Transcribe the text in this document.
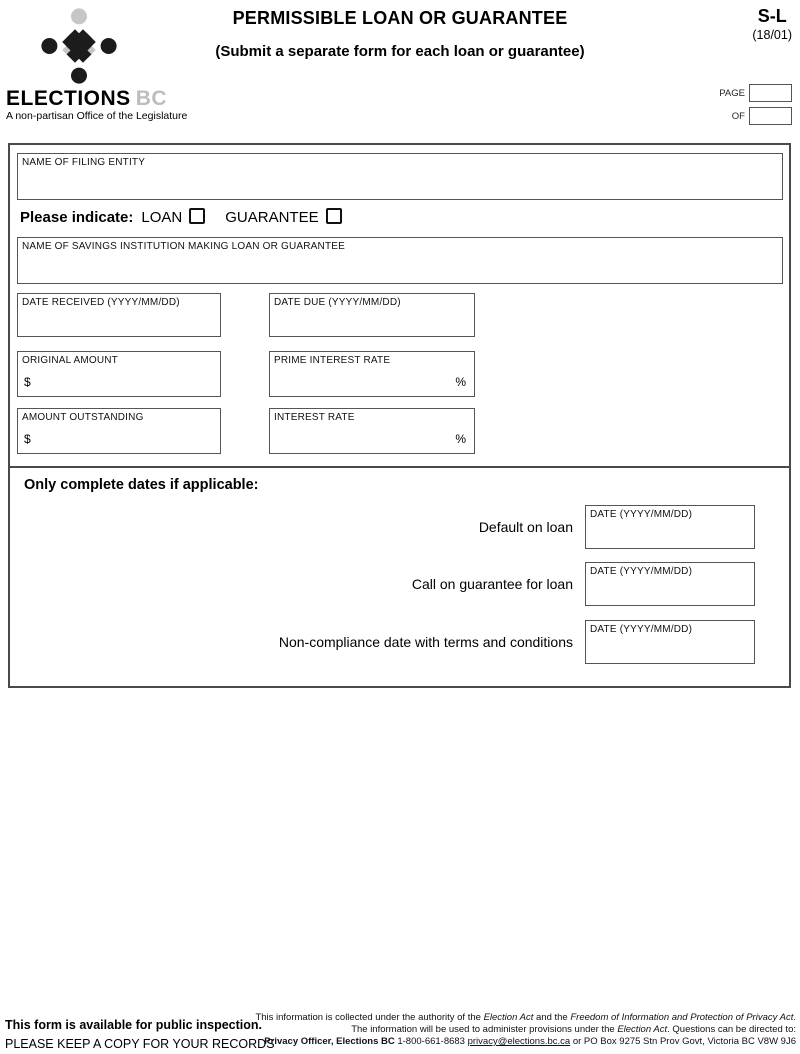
ELECTIONS BC
A non-partisan Office of the Legislature
PERMISSIBLE LOAN OR GUARANTEE
(Submit a separate form for each loan or guarantee)
S-L
(18/01)
PAGE
OF
NAME OF FILING ENTITY
Please indicate: LOAN	GUARANTEE
NAME OF SAVINGS INSTITUTION MAKING LOAN OR GUARANTEE
DATE RECEIVED (YYYY/MM/DD)	DATE DUE (YYYY/MM/DD)
ORIGINAL AMOUNT
$
PRIME INTEREST RATE
%
AMOUNT OUTSTANDING
$
INTEREST RATE
%
Only complete dates if applicable:
Default on loan
DATE (YYYY/MM/DD)
Call on guarantee for loan
DATE (YYYY/MM/DD)
Non-compliance date with terms and conditions
DATE (YYYY/MM/DD)
This form is available for public inspection.
PLEASE KEEP A COPY FOR YOUR RECORDS
This information is collected under the authority of the Election Act and the Freedom of Information and Protection of Privacy Act.
The information will be used to administer provisions under the Election Act. Questions can be directed to:
Privacy Officer, Elections BC 1-800-661-8683 privacy@elections.bc.ca or PO Box 9275 Stn Prov Govt, Victoria BC V8W 9J6
